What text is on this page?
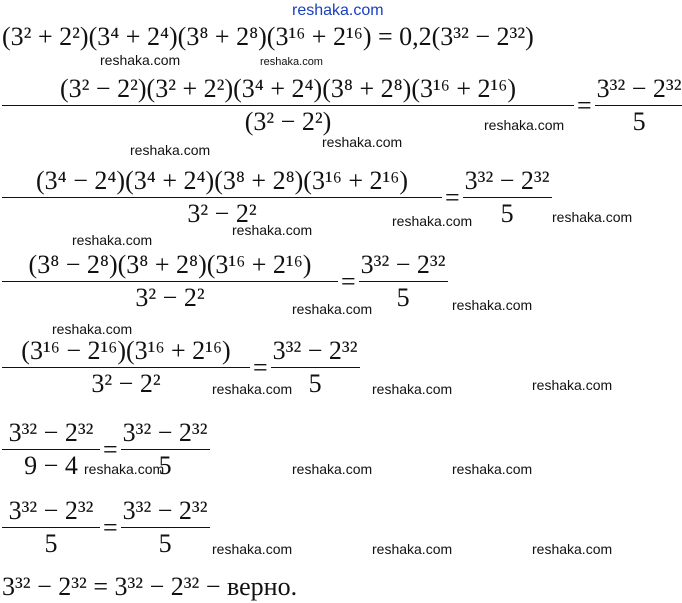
reshaka.com
(3² + 2²)(3⁴ + 2⁴)(3⁸ + 2⁸)(3¹⁶ + 2¹⁶) = 0,2(3³² − 2³²)
reshaka.com	reshaka.com
$\frac{\text{(3² − 2²)(3² + 2²)(3⁴ + 2⁴)(3⁸ + 2⁸)(3¹⁶ + 2¹⁶)}}{\text{(3² − 2²)}} = \frac{\text{3³² − 2³²}}{5}$
reshaka.com	reshaka.com
reshaka.com
$\frac{\text{(3⁴ − 2⁴)(3⁴ + 2⁴)(3⁸ + 2⁸)(3¹⁶ + 2¹⁶)}}{\text{3² − 2²}} = \frac{\text{3³² − 2³²}}{5}$
reshaka.com
reshaka.com	reshaka.com
reshaka.com
$\frac{\text{(3⁸ − 2⁸)(3⁸ + 2⁸)(3¹⁶ + 2¹⁶)}}{\text{3² − 2²}} = \frac{\text{3³² − 2³²}}{5}$
reshaka.com	reshaka.com
reshaka.com
$\frac{\text{(3¹⁶ − 2¹⁶)(3¹⁶ + 2¹⁶)}}{\text{3² − 2²}} = \frac{\text{3³² − 2³²}}{5}$
reshaka.com	reshaka.com	reshaka.com
$\frac{\text{3³² − 2³²}}{9 - 4} = \frac{\text{3³² − 2³²}}{5}$
reshaka.com	reshaka.com	reshaka.com
$\frac{\text{3³² − 2³²}}{5} = \frac{\text{3³² − 2³²}}{5}$ reshaka.com	reshaka.com	reshaka.com
3³² − 2³² = 3³² − 2³² − верно.
